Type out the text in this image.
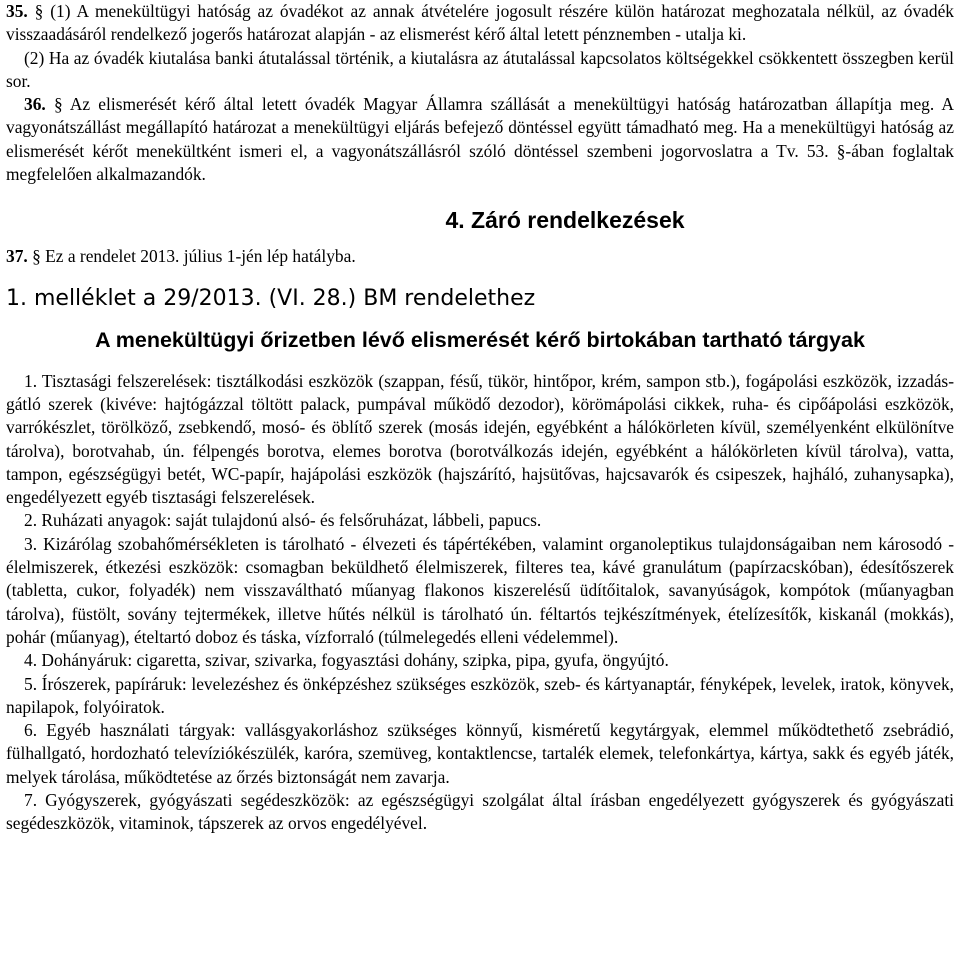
35. § (1) A menekültügyi hatóság az óvadékot az annak átvételére jogosult részére külön határozat meghozatala nélkül, az óvadék visszaadásáról rendelkező jogerős határozat alapján - az elismerést kérő által letett pénznemben - utalja ki.

(2) Ha az óvadék kiutalása banki átutalással történik, a kiutalásra az átutalással kapcsolatos költségekkel csökkentett összegben kerül sor.

36. § Az elismerését kérő által letett óvadék Magyar Államra szállását a menekültügyi hatóság határozatban állapítja meg. A vagyonátszállást megállapító határozat a menekültügyi eljárás befejező döntéssel együtt támadható meg. Ha a menekültügyi hatóság az elismerését kérőt menekültként ismeri el, a vagyonátszállásról szóló döntéssel szembeni jogorvoslatra a Tv. 53. §-ában foglaltak megfelelően alkalmazandók.

4. Záró rendelkezések

37. § Ez a rendelet 2013. július 1-jén lép hatályba.

1. melléklet a 29/2013. (VI. 28.) BM rendelethez
A menekültügyi őrizetben lévő elismerését kérő birtokában tartható tárgyak

1. Tisztasági felszerelések: tisztálkodási eszközök (szappan, fésű, tükör, hintőpor, krém, sampon stb.), fogápolási eszközök, izzadás-gátló szerek (kivéve: hajtógázzal töltött palack, pumpával működő dezodor), körömápolási cikkek, ruha- és cipőápolási eszközök, varrókészlet, törölköző, zsebkendő, mosó- és öblítő szerek (mosás idején, egyébként a hálókörleten kívül, személyenként elkülönítve tárolva), borotvahab, ún. félpengés borotva, elemes borotva (borotválkozás idején, egyébként a hálókörleten kívül tárolva), vatta, tampon, egészségügyi betét, WC-papír, hajápolási eszközök (hajszárító, hajsütővas, hajcsavarók és csipeszek, hajháló, zuhanysapka), engedélyezett egyéb tisztasági felszerelések.

2. Ruházati anyagok: saját tulajdonú alsó- és felsőruházat, lábbeli, papucs.

3. Kizárólag szobahőmérsékleten is tárolható - élvezeti és tápértékében, valamint organoleptikus tulajdonságaiban nem károsodó - élelmiszerek, étkezési eszközök: csomagban beküldhető élelmiszerek, filteres tea, kávé granulátum (papírzacskóban), édesítőszerek (tabletta, cukor, folyadék) nem visszaváltható műanyag flakonos kiszerelésű üdítőitalok, savanyúságok, kompótok (műanyagban tárolva), füstölt, sovány tejtermékek, illetve hűtés nélkül is tárolható ún. féltartós tejkészítmények, ételízesítők, kiskanál (mokkás), pohár (műanyag), ételtartó doboz és táska, vízforraló (túlmelegedés elleni védelemmel).

4. Dohányáruk: cigaretta, szivar, szivarka, fogyasztási dohány, szipka, pipa, gyufa, öngyújtó.

5. Írószerek, papíráruk: levelezéshez és önképzéshez szükséges eszközök, szeb- és kártyanaptár, fényképek, levelek, iratok, könyvek, napilapok, folyóiratok.

6. Egyéb használati tárgyak: vallásgyakorláshoz szükséges könnyű, kisméretű kegytárgyak, elemmel működtethető zsebrádió, fülhallgató, hordozható televíziókészülék, karóra, szemüveg, kontaktlencse, tartalék elemek, telefonkártya, kártya, sakk és egyéb játék, melyek tárolása, működtetése az őrzés biztonságát nem zavarja.

7. Gyógyszerek, gyógyászati segédeszközök: az egészségügyi szolgálat által írásban engedélyezett gyógyszerek és gyógyászati segédeszközök, vitaminok, tápszerek az orvos engedélyével.
